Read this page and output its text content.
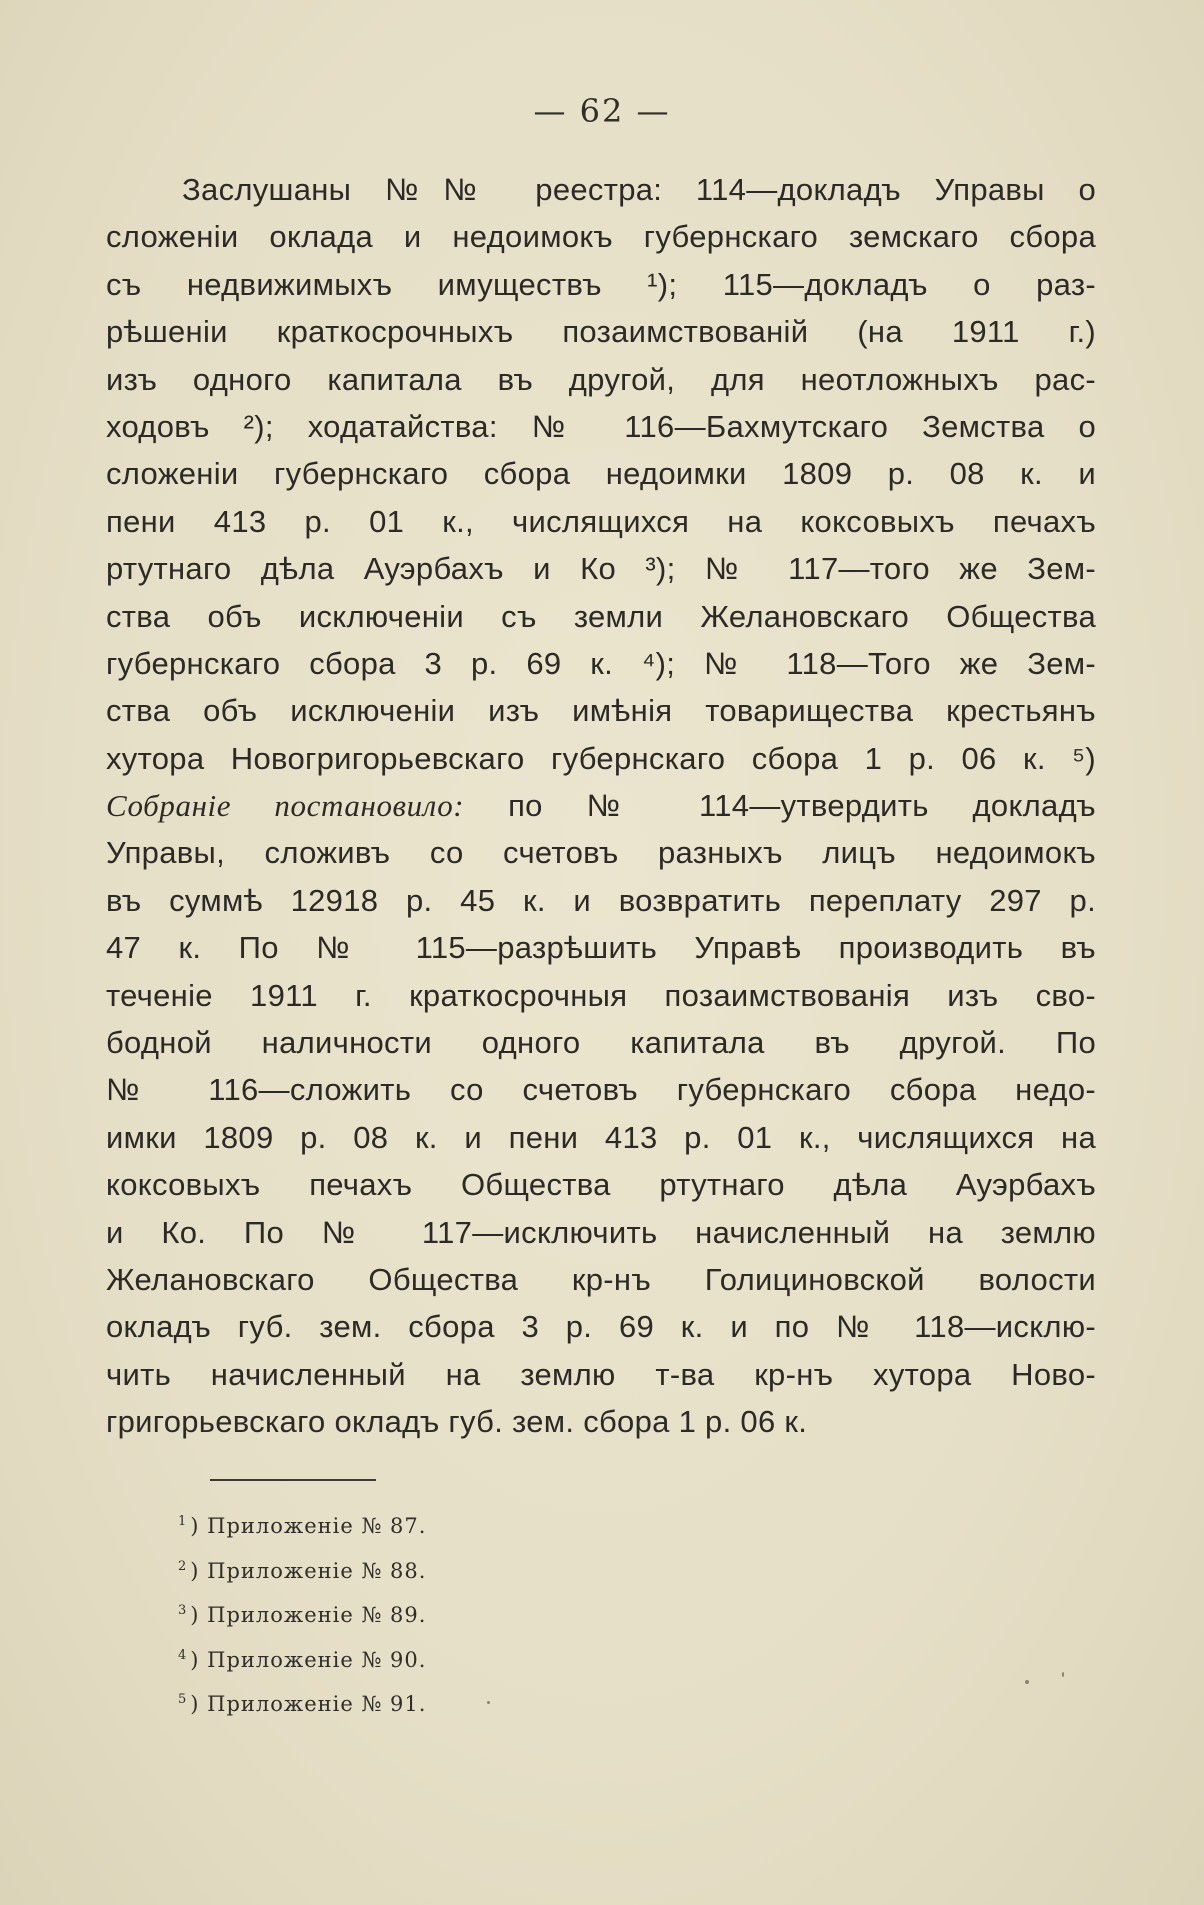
— 62 —
Заслушаны №№ реестра: 114—докладъ Управы о
сложенiи оклада и недоимокъ губернскаго земскаго сбора
съ недвижимыхъ имуществъ ¹); 115—докладъ о раз-
рѣшенiи краткосрочныхъ позаимствованiй (на 1911 г.)
изъ одного капитала въ другой, для неотложныхъ рас-
ходовъ ²); ходатайства: № 116—Бахмутскаго Земства о
сложенiи губернскаго сбора недоимки 1809 р. 08 к. и
пени 413 р. 01 к., числящихся на коксовыхъ печахъ
ртутнаго дѣла Ауэрбахъ и Ко ³); № 117—того же Зем-
ства объ исключенiи съ земли Желановскаго Общества
губернскаго сбора 3 р. 69 к. ⁴); № 118—Того же Зем-
ства объ исключенiи изъ имѣнiя товарищества крестьянъ
хутора Новогригорьевскаго губернскаго сбора 1 р. 06 к. ⁵)
Собранiе постановило: по № 114—утвердить докладъ
Управы, сложивъ со счетовъ разныхъ лицъ недоимокъ
въ суммѣ 12918 р. 45 к. и возвратить переплату 297 р.
47 к. По № 115—разрѣшить Управѣ производить въ
теченiе 1911 г. краткосрочныя позаимствованiя изъ сво-
бодной наличности одного капитала въ другой. По
№ 116—сложить со счетовъ губернскаго сбора недо-
имки 1809 р. 08 к. и пени 413 р. 01 к., числящихся на
коксовыхъ печахъ Общества ртутнаго дѣла Ауэрбахъ
и Ко. По № 117—исключить начисленный на землю
Желановскаго Общества кр-нъ Голициновской волости
окладъ губ. зем. сбора 3 р. 69 к. и по № 118—исклю-
чить начисленный на землю т-ва кр-нъ хутора Ново-
григорьевскаго окладъ губ. зем. сбора 1 р. 06 к.
$^1$ ) Приложенiе № 87.
$^2$ ) Приложенiе № 88.
$^3$ ) Приложенiе № 89.
$^4$ ) Приложенiе № 90.
$^5$ ) Приложенiе № 91.
